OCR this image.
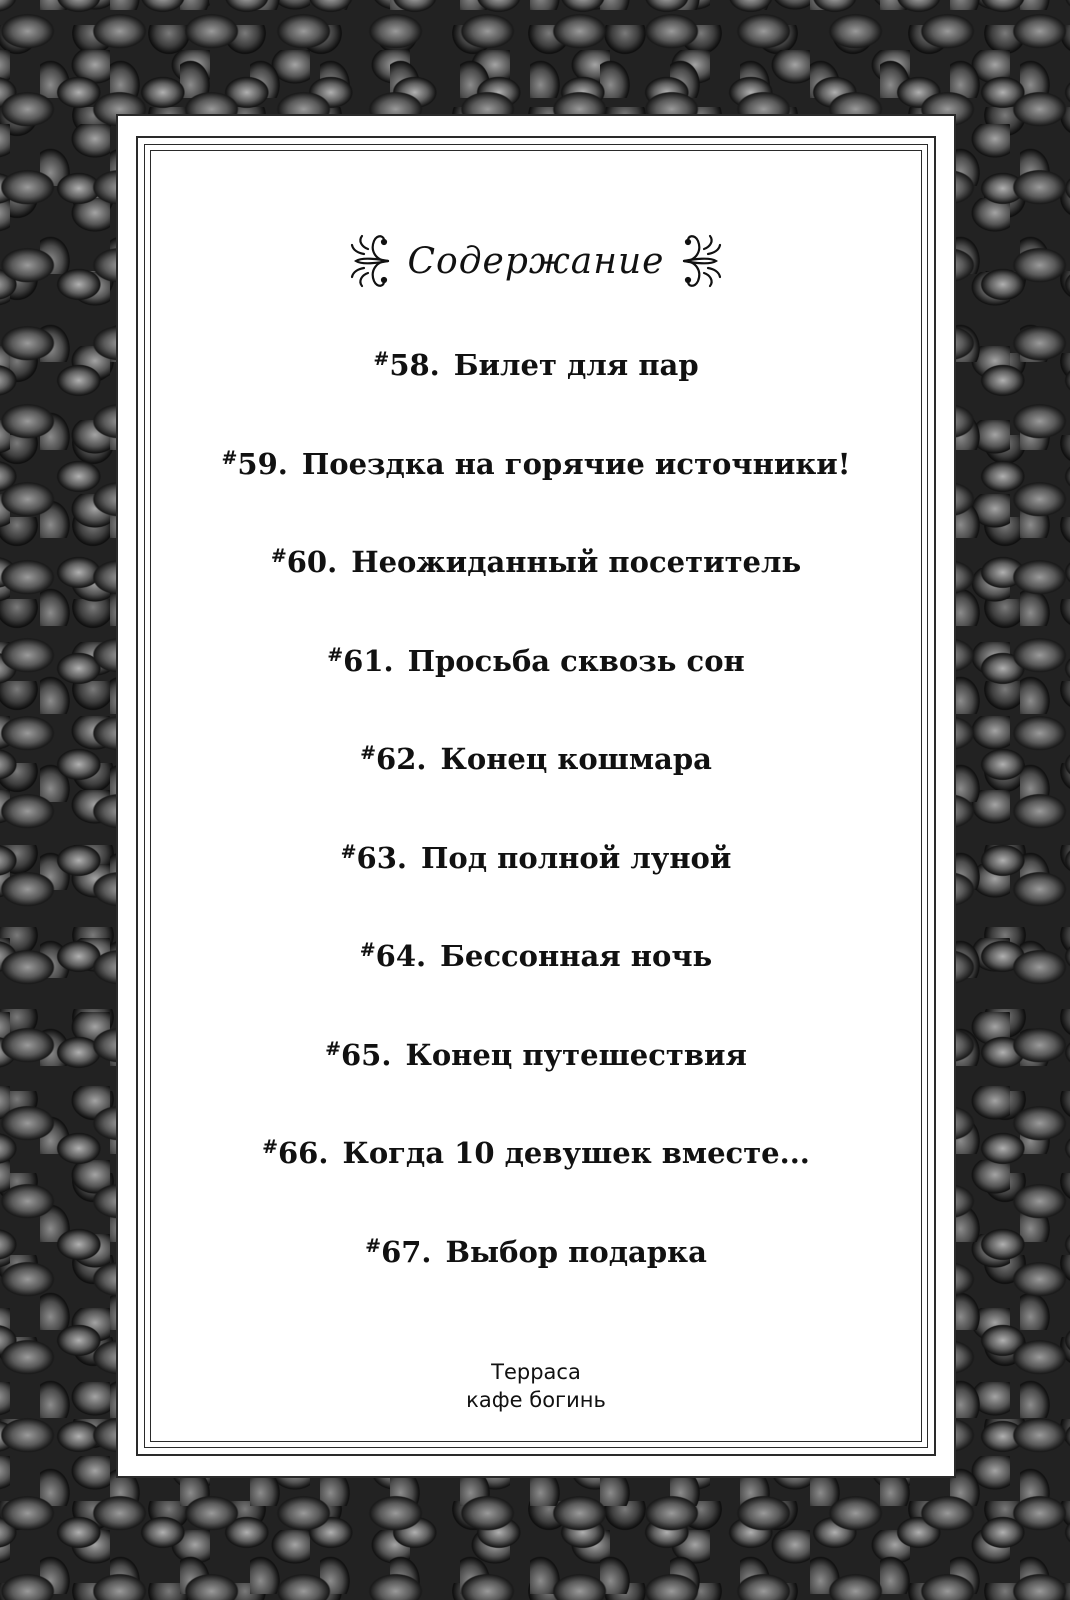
Содержание
#58. Билет для пар
#59. Поездка на горячие источники!
#60. Неожиданный посетитель
#61. Просьба сквозь сон
#62. Конец кошмара
#63. Под полной луной
#64. Бессонная ночь
#65. Конец путешествия
#66. Когда 10 девушек вместе...
#67. Выбор подарка
Терраса
кафе богинь
